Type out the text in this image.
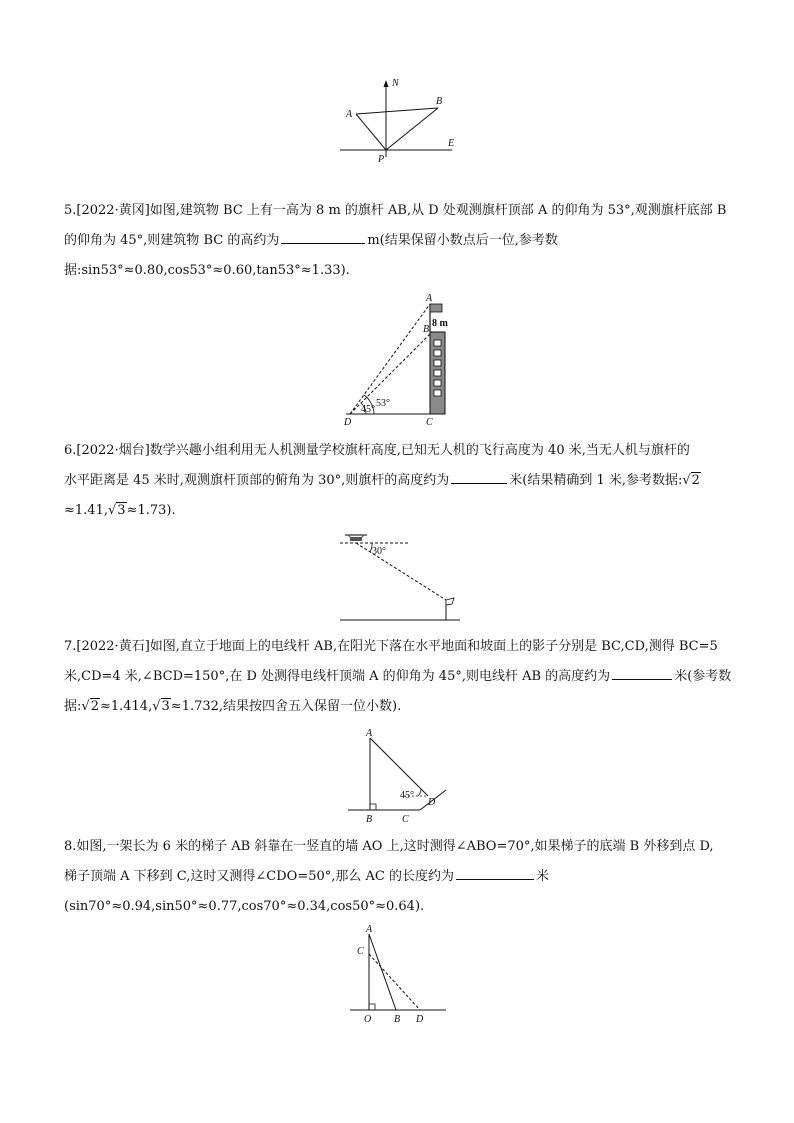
N
A
B
E
P
5.[2022·黄冈]如图,建筑物 BC 上有一高为 8 m 的旗杆 AB,从 D 处观测旗杆顶部 A 的仰角为 53°,观测旗杆底部 B
的仰角为 45°,则建筑物 BC 的高约为	m(结果保留小数点后一位,参考数
据:sin53°≈0.80,cos53°≈0.60,tan53°≈1.33).
A
B
8 m
53°
45°
D	C
6.[2022·烟台]数学兴趣小组利用无人机测量学校旗杆高度,已知无人机的飞行高度为 40 米,当无人机与旗杆的
水平距离是 45 米时,观测旗杆顶部的俯角为 30°,则旗杆的高度约为	米(结果精确到 1 米,参考数据:√2
≈1.41,√3≈1.73).
30°
7.[2022·黄石]如图,直立于地面上的电线杆 AB,在阳光下落在水平地面和坡面上的影子分别是 BC,CD,测得 BC=5
米,CD=4 米,∠BCD=150°,在 D 处测得电线杆顶端 A 的仰角为 45°,则电线杆 AB 的高度约为	米(参考数
据:√2≈1.414,√3≈1.732,结果按四舍五入保留一位小数).
A
45°
D
B	C
8.如图,一架长为 6 米的梯子 AB 斜靠在一竖直的墙 AO 上,这时测得∠ABO=70°,如果梯子的底端 B 外移到点 D,
梯子顶端 A 下移到 C,这时又测得∠CDO=50°,那么 AC 的长度约为	米
(sin70°≈0.94,sin50°≈0.77,cos70°≈0.34,cos50°≈0.64).
A
C
O B D
